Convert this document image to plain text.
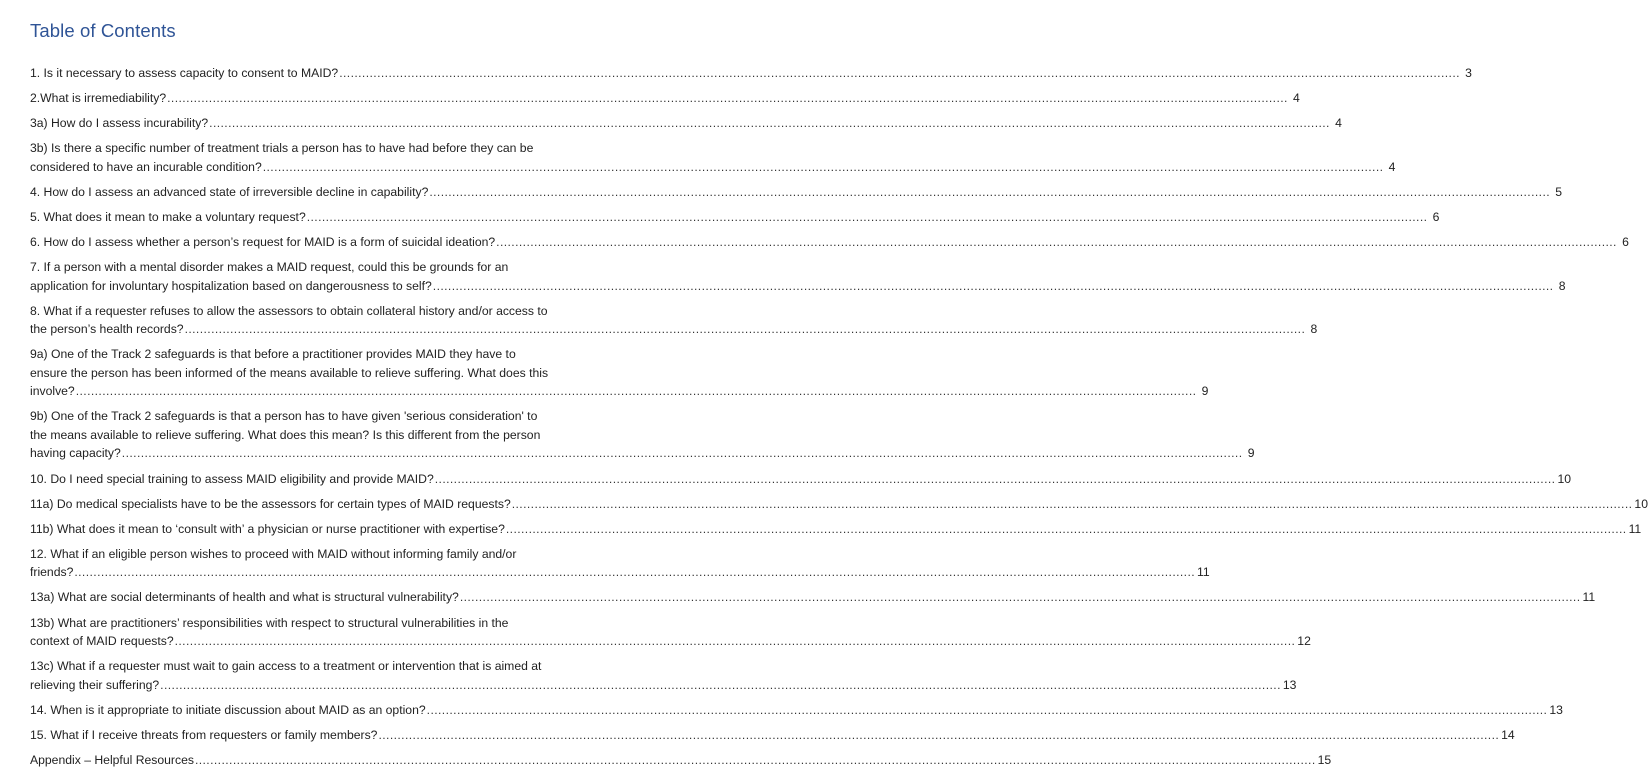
Table of Contents
1. Is it necessary to assess capacity to consent to MAID? .....	3
2.What is irremediability? .....	4
3a) How do I assess incurability? .....	4
3b) Is there a specific number of treatment trials a person has to have had before they can be
considered to have an incurable condition? .....	4
4. How do I assess an advanced state of irreversible decline in capability? .....	5
5. What does it mean to make a voluntary request? .....	6
6. How do I assess whether a person’s request for MAID is a form of suicidal ideation? .....	6
7. If a person with a mental disorder makes a MAID request, could this be grounds for an
application for involuntary hospitalization based on dangerousness to self? .....	8
8. What if a requester refuses to allow the assessors to obtain collateral history and/or access to
the person’s health records? .....	8
9a) One of the Track 2 safeguards is that before a practitioner provides MAID they have to
ensure the person has been informed of the means available to relieve suffering. What does this
involve? .....	9
9b) One of the Track 2 safeguards is that a person has to have given 'serious consideration' to
the means available to relieve suffering. What does this mean? Is this different from the person
having capacity? .....	9
10. Do I need special training to assess MAID eligibility and provide MAID? .....	10
11a) Do medical specialists have to be the assessors for certain types of MAID requests? .....	10
11b) What does it mean to ‘consult with’ a physician or nurse practitioner with expertise? .....	11
12. What if an eligible person wishes to proceed with MAID without informing family and/or
friends? .....	11
13a) What are social determinants of health and what is structural vulnerability? .....	11
13b) What are practitioners’ responsibilities with respect to structural vulnerabilities in the
context of MAID requests? .....	12
13c) What if a requester must wait to gain access to a treatment or intervention that is aimed at
relieving their suffering? .....	13
14. When is it appropriate to initiate discussion about MAID as an option? .....	13
15. What if I receive threats from requesters or family members? .....	14
Appendix – Helpful Resources .....	15
